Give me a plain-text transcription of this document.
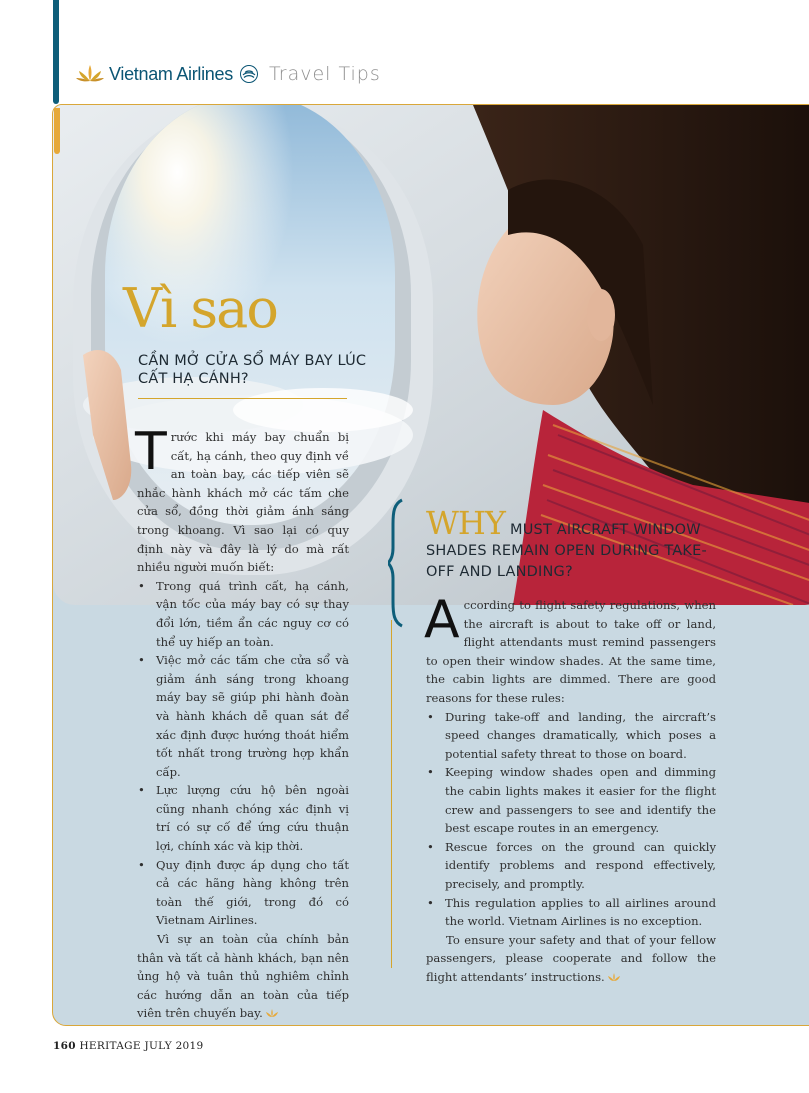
Vietnam Airlines Travel Tips
Vì sao
CẦN MỞ CỬA SỔ MÁY BAY LÚC CẤT HẠ CÁNH?
T rước khi máy bay chuẩn bị cất, hạ cánh, theo quy định về an toàn bay, các tiếp viên sẽ nhắc hành khách mở các tấm che cửa sổ, đồng thời giảm ánh sáng trong khoang. Vì sao lại có quy định này và đây là lý do mà rất nhiều người muốn biết:

• Trong quá trình cất, hạ cánh, vận tốc của máy bay có sự thay đổi lớn, tiềm ẩn các nguy cơ có thể uy hiếp an toàn.
• Việc mở các tấm che cửa sổ và giảm ánh sáng trong khoang máy bay sẽ giúp phi hành đoàn và hành khách dễ quan sát để xác định được hướng thoát hiểm tốt nhất trong trường hợp khẩn cấp.
• Lực lượng cứu hộ bên ngoài cũng nhanh chóng xác định vị trí có sự cố để ứng cứu thuận lợi, chính xác và kịp thời.
• Quy định được áp dụng cho tất cả các hãng hàng không trên toàn thế giới, trong đó có Vietnam Airlines.

Vì sự an toàn của chính bản thân và tất cả hành khách, bạn nên ủng hộ và tuân thủ nghiêm chỉnh các hướng dẫn an toàn của tiếp viên trên chuyến bay.

WHY MUST AIRCRAFT WINDOW SHADES REMAIN OPEN DURING TAKE-OFF AND LANDING?
A ccording to flight safety regulations, when the aircraft is about to take off or land, flight attendants must remind passengers to open their window shades. At the same time, the cabin lights are dimmed. There are good reasons for these rules:

• During take-off and landing, the aircraft’s speed changes dramatically, which poses a potential safety threat to those on board.
• Keeping window shades open and dimming the cabin lights makes it easier for the flight crew and passengers to see and identify the best escape routes in an emergency.
• Rescue forces on the ground can quickly identify problems and respond effectively, precisely, and promptly.
• This regulation applies to all airlines around the world. Vietnam Airlines is no exception.

To ensure your safety and that of your fellow passengers, please cooperate and follow the flight attendants’ instructions.

160 HERITAGE JULY 2019
